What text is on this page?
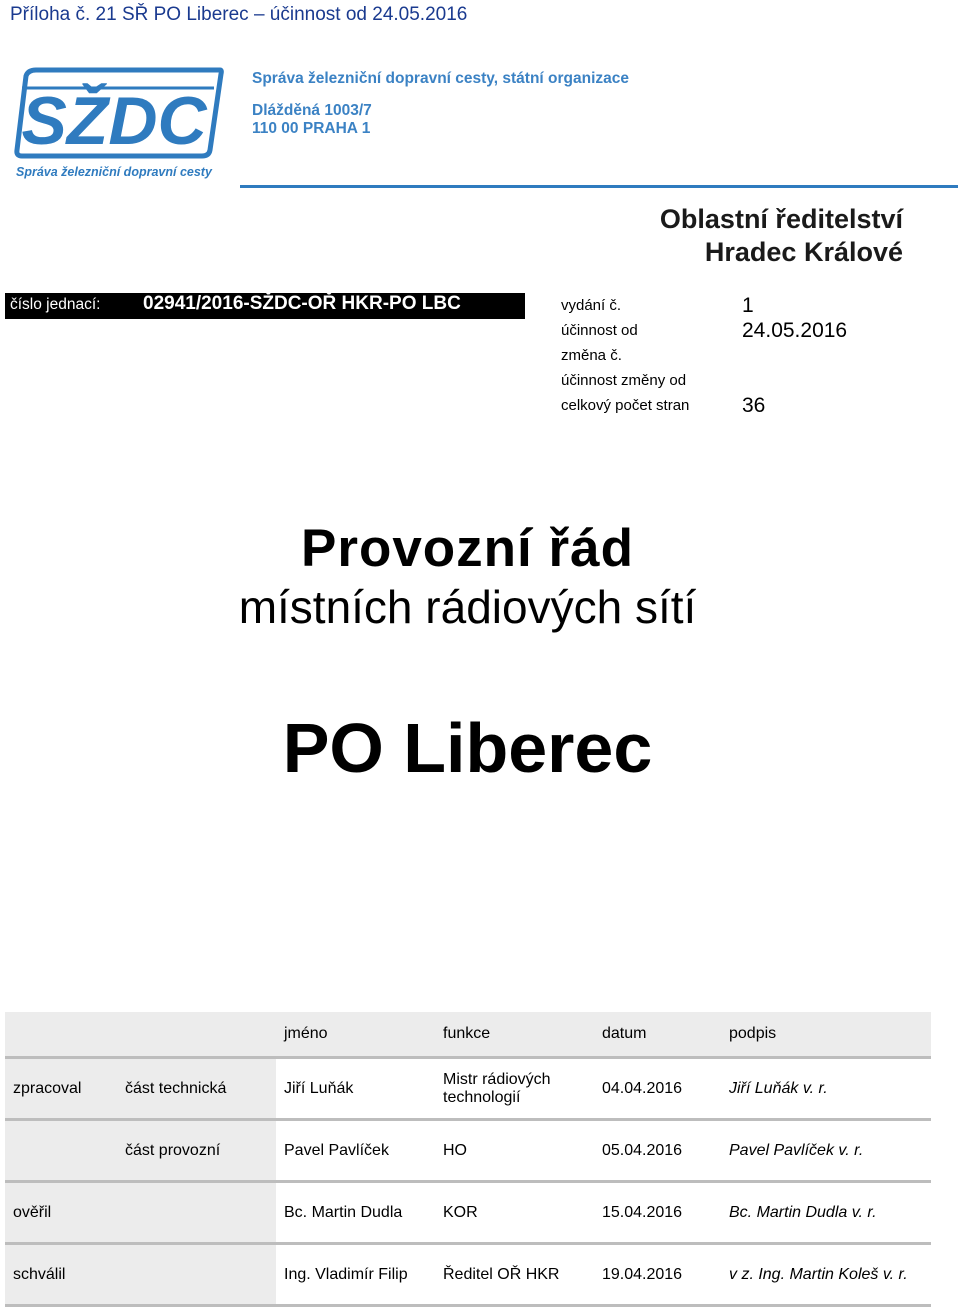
Příloha č. 21 SŘ PO Liberec – účinnost od 24.05.2016
SŽDC
Správa železniční dopravní cesty
Správa železniční dopravní cesty, státní organizace
Dlážděná 1003/7
110 00 PRAHA 1
Oblastní ředitelství
Hradec Králové
číslo jednací: 02941/2016-SŽDC-OŘ HKR-PO LBC	vydání č.	1
účinnost od	24.05.2016
změna č.
účinnost změny od
celkový počet stran	36
Provozní řád
místních rádiových sítí
PO Liberec
		jméno	funkce	datum	podpis
zpracoval	část technická	Jiří Luňák	Mistr rádiových technologií	04.04.2016	Jiří Luňák v. r.
	část provozní	Pavel Pavlíček	HO	05.04.2016	Pavel Pavlíček v. r.
ověřil		Bc. Martin Dudla	KOR	15.04.2016	Bc. Martin Dudla v. r.
schválil		Ing. Vladimír Filip	Ředitel OŘ HKR	19.04.2016	v z. Ing. Martin Koleš v. r.
